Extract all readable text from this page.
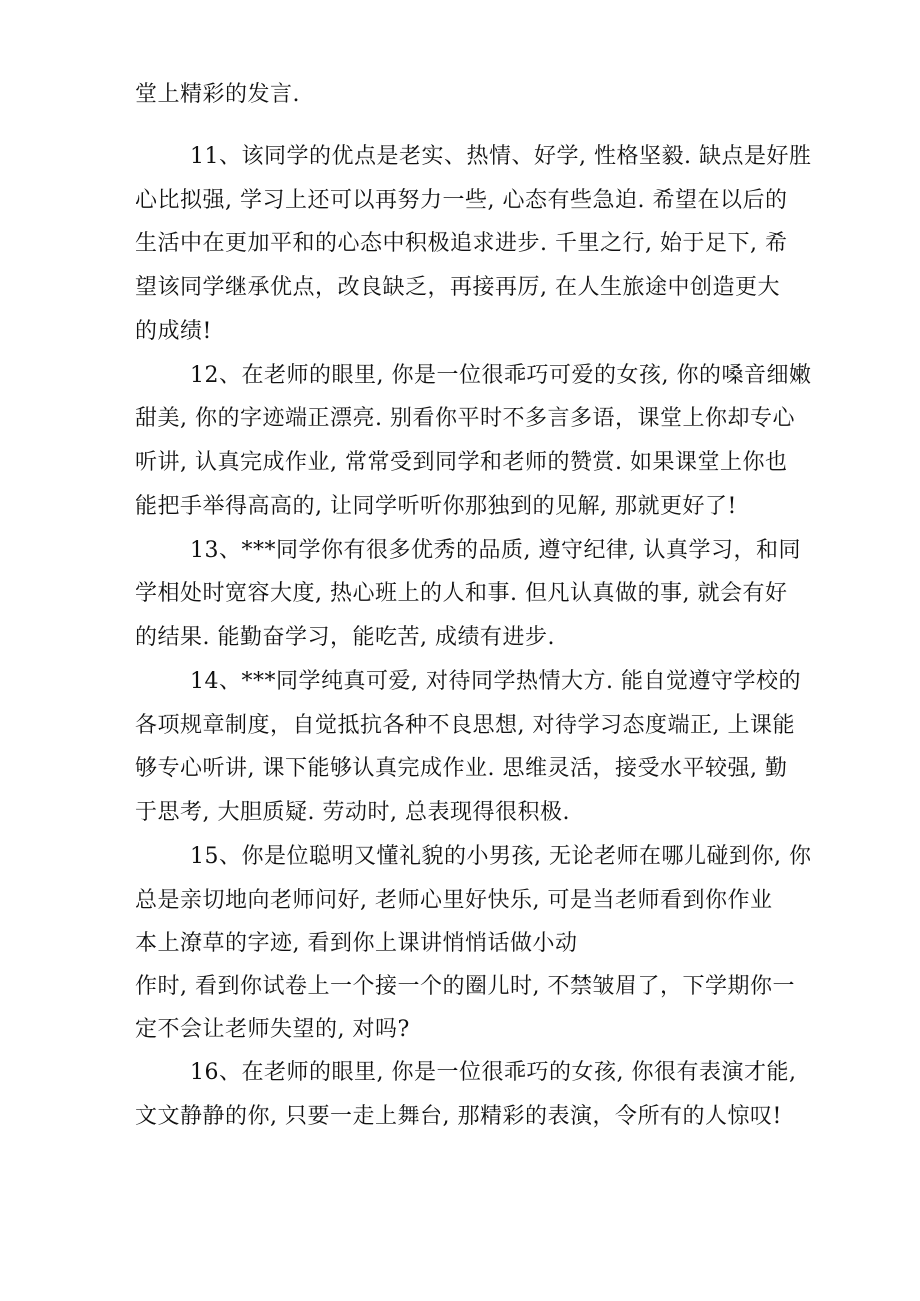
堂上精彩的发言.
11、该同学的优点是老实、热情、好学, 性格坚毅. 缺点是好胜
心比拟强, 学习上还可以再努力一些, 心态有些急迫. 希望在以后的
生活中在更加平和的心态中积极追求进步. 千里之行, 始于足下, 希
望该同学继承优点，改良缺乏，再接再厉, 在人生旅途中创造更大
的成绩!
12、在老师的眼里, 你是一位很乖巧可爱的女孩, 你的嗓音细嫩
甜美, 你的字迹端正漂亮. 别看你平时不多言多语，课堂上你却专心
听讲, 认真完成作业, 常常受到同学和老师的赞赏. 如果课堂上你也
能把手举得高高的, 让同学听听你那独到的见解, 那就更好了!
13、***同学你有很多优秀的品质, 遵守纪律, 认真学习，和同
学相处时宽容大度, 热心班上的人和事. 但凡认真做的事, 就会有好
的结果. 能勤奋学习，能吃苦, 成绩有进步.
14、***同学纯真可爱, 对待同学热情大方. 能自觉遵守学校的
各项规章制度，自觉抵抗各种不良思想, 对待学习态度端正, 上课能
够专心听讲, 课下能够认真完成作业. 思维灵活，接受水平较强, 勤
于思考, 大胆质疑. 劳动时, 总表现得很积极.
15、你是位聪明又懂礼貌的小男孩, 无论老师在哪儿碰到你, 你
总是亲切地向老师问好, 老师心里好快乐, 可是当老师看到你作业
本上潦草的字迹, 看到你上课讲悄悄话做小动
作时, 看到你试卷上一个接一个的圈儿时, 不禁皱眉了，下学期你一
定不会让老师失望的, 对吗?
16、在老师的眼里, 你是一位很乖巧的女孩, 你很有表演才能,
文文静静的你, 只要一走上舞台, 那精彩的表演，令所有的人惊叹!
